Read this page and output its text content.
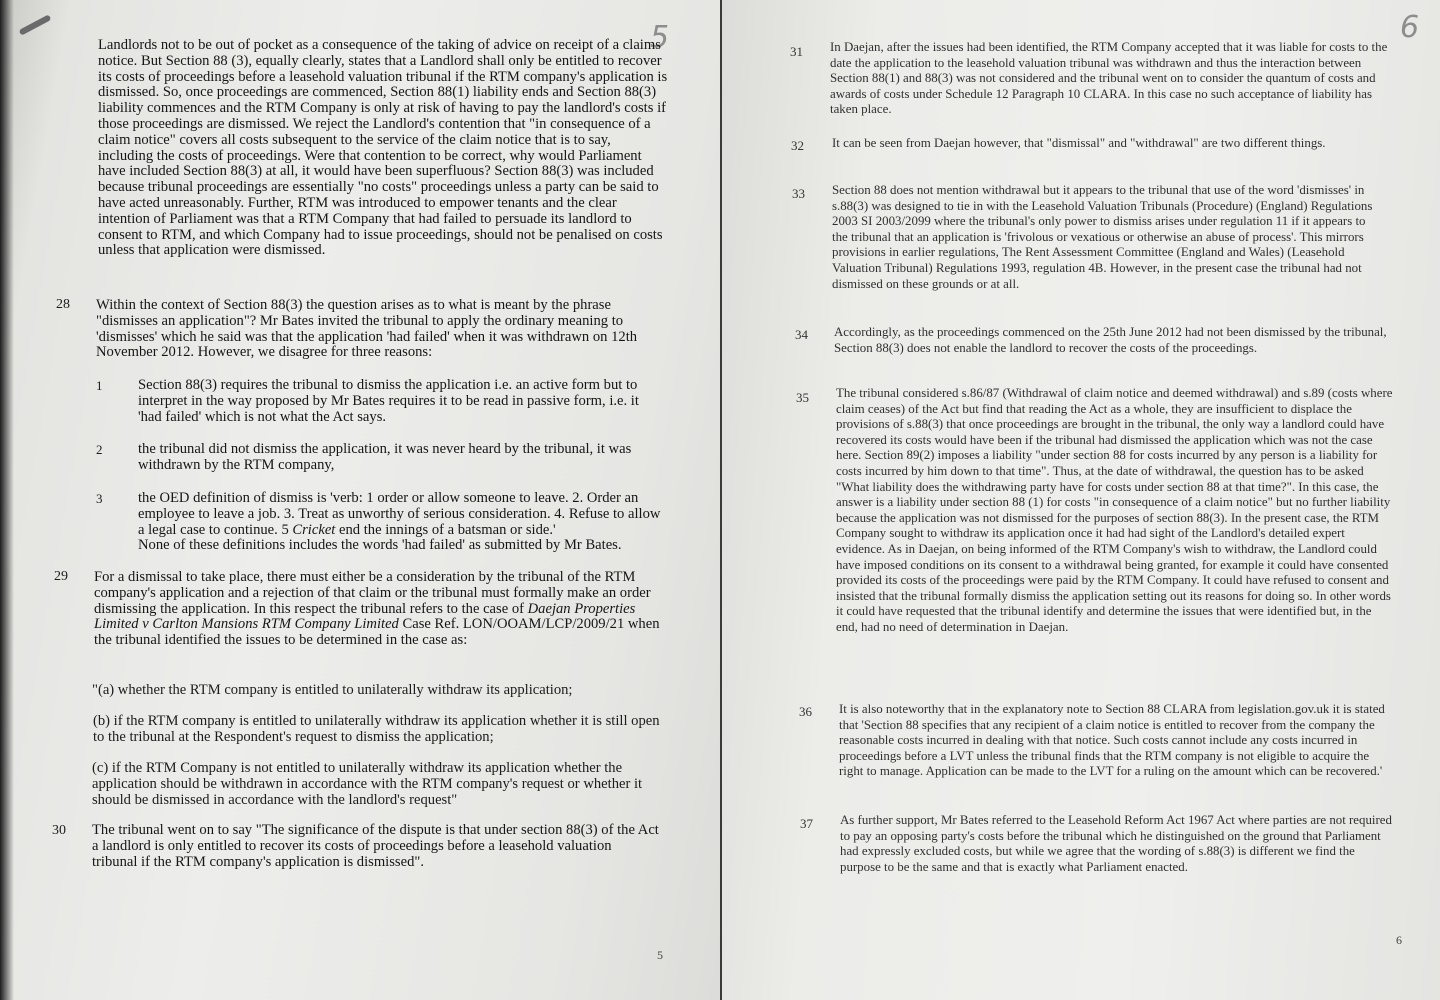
5
Landlords not to be out of pocket as a consequence of the taking of advice on receipt of a claims notice. But Section 88 (3), equally clearly, states that a Landlord shall only be entitled to recover its costs of proceedings before a leasehold valuation tribunal if the RTM company's application is dismissed. So, once proceedings are commenced, Section 88(1) liability ends and Section 88(3) liability commences and the RTM Company is only at risk of having to pay the landlord's costs if those proceedings are dismissed. We reject the Landlord's contention that "in consequence of a claim notice" covers all costs subsequent to the service of the claim notice that is to say, including the costs of proceedings. Were that contention to be correct, why would Parliament have included Section 88(3) at all, it would have been superfluous? Section 88(3) was included because tribunal proceedings are essentially "no costs" proceedings unless a party can be said to have acted unreasonably. Further, RTM was introduced to empower tenants and the clear intention of Parliament was that a RTM Company that had failed to persuade its landlord to consent to RTM, and which Company had to issue proceedings, should not be penalised on costs unless that application were dismissed.
28 Within the context of Section 88(3) the question arises as to what is meant by the phrase "dismisses an application"? Mr Bates invited the tribunal to apply the ordinary meaning to 'dismisses' which he said was that the application 'had failed' when it was withdrawn on 12th November 2012. However, we disagree for three reasons:
1 Section 88(3) requires the tribunal to dismiss the application i.e. an active form but to interpret in the way proposed by Mr Bates requires it to be read in passive form, i.e. it 'had failed' which is not what the Act says.
2 the tribunal did not dismiss the application, it was never heard by the tribunal, it was withdrawn by the RTM company,
3 the OED definition of dismiss is 'verb: 1 order or allow someone to leave. 2. Order an employee to leave a job. 3. Treat as unworthy of serious consideration. 4. Refuse to allow a legal case to continue. 5 Cricket end the innings of a batsman or side.'
None of these definitions includes the words 'had failed' as submitted by Mr Bates.
29 For a dismissal to take place, there must either be a consideration by the tribunal of the RTM company's application and a rejection of that claim or the tribunal must formally make an order dismissing the application. In this respect the tribunal refers to the case of Daejan Properties Limited v Carlton Mansions RTM Company Limited Case Ref. LON/OOAM/LCP/2009/21 when the tribunal identified the issues to be determined in the case as:
"(a) whether the RTM company is entitled to unilaterally withdraw its application;
(b) if the RTM company is entitled to unilaterally withdraw its application whether it is still open to the tribunal at the Respondent's request to dismiss the application;
(c) if the RTM Company is not entitled to unilaterally withdraw its application whether the application should be withdrawn in accordance with the RTM company's request or whether it should be dismissed in accordance with the landlord's request"
30 The tribunal went on to say "The significance of the dispute is that under section 88(3) of the Act a landlord is only entitled to recover its costs of proceedings before a leasehold valuation tribunal if the RTM company's application is dismissed".
5
6
31 In Daejan, after the issues had been identified, the RTM Company accepted that it was liable for costs to the date the application to the leasehold valuation tribunal was withdrawn and thus the interaction between Section 88(1) and 88(3) was not considered and the tribunal went on to consider the quantum of costs and awards of costs under Schedule 12 Paragraph 10 CLARA. In this case no such acceptance of liability has taken place.
32 It can be seen from Daejan however, that "dismissal" and "withdrawal" are two different things.
33 Section 88 does not mention withdrawal but it appears to the tribunal that use of the word 'dismisses' in s.88(3) was designed to tie in with the Leasehold Valuation Tribunals (Procedure) (England) Regulations 2003 SI 2003/2099 where the tribunal's only power to dismiss arises under regulation 11 if it appears to the tribunal that an application is 'frivolous or vexatious or otherwise an abuse of process'. This mirrors provisions in earlier regulations, The Rent Assessment Committee (England and Wales) (Leasehold Valuation Tribunal) Regulations 1993, regulation 4B. However, in the present case the tribunal had not dismissed on these grounds or at all.
34 Accordingly, as the proceedings commenced on the 25th June 2012 had not been dismissed by the tribunal, Section 88(3) does not enable the landlord to recover the costs of the proceedings.
35 The tribunal considered s.86/87 (Withdrawal of claim notice and deemed withdrawal) and s.89 (costs where claim ceases) of the Act but find that reading the Act as a whole, they are insufficient to displace the provisions of s.88(3) that once proceedings are brought in the tribunal, the only way a landlord could have recovered its costs would have been if the tribunal had dismissed the application which was not the case here. Section 89(2) imposes a liability "under section 88 for costs incurred by any person is a liability for costs incurred by him down to that time". Thus, at the date of withdrawal, the question has to be asked "What liability does the withdrawing party have for costs under section 88 at that time?". In this case, the answer is a liability under section 88 (1) for costs "in consequence of a claim notice" but no further liability because the application was not dismissed for the purposes of section 88(3). In the present case, the RTM Company sought to withdraw its application once it had had sight of the Landlord's detailed expert evidence. As in Daejan, on being informed of the RTM Company's wish to withdraw, the Landlord could have imposed conditions on its consent to a withdrawal being granted, for example it could have consented provided its costs of the proceedings were paid by the RTM Company. It could have refused to consent and insisted that the tribunal formally dismiss the application setting out its reasons for doing so. In other words it could have requested that the tribunal identify and determine the issues that were identified but, in the end, had no need of determination in Daejan.
36 It is also noteworthy that in the explanatory note to Section 88 CLARA from legislation.gov.uk it is stated that 'Section 88 specifies that any recipient of a claim notice is entitled to recover from the company the reasonable costs incurred in dealing with that notice. Such costs cannot include any costs incurred in proceedings before a LVT unless the tribunal finds that the RTM company is not eligible to acquire the right to manage. Application can be made to the LVT for a ruling on the amount which can be recovered.'
37 As further support, Mr Bates referred to the Leasehold Reform Act 1967 Act where parties are not required to pay an opposing party's costs before the tribunal which he distinguished on the ground that Parliament had expressly excluded costs, but while we agree that the wording of s.88(3) is different we find the purpose to be the same and that is exactly what Parliament enacted.
6
